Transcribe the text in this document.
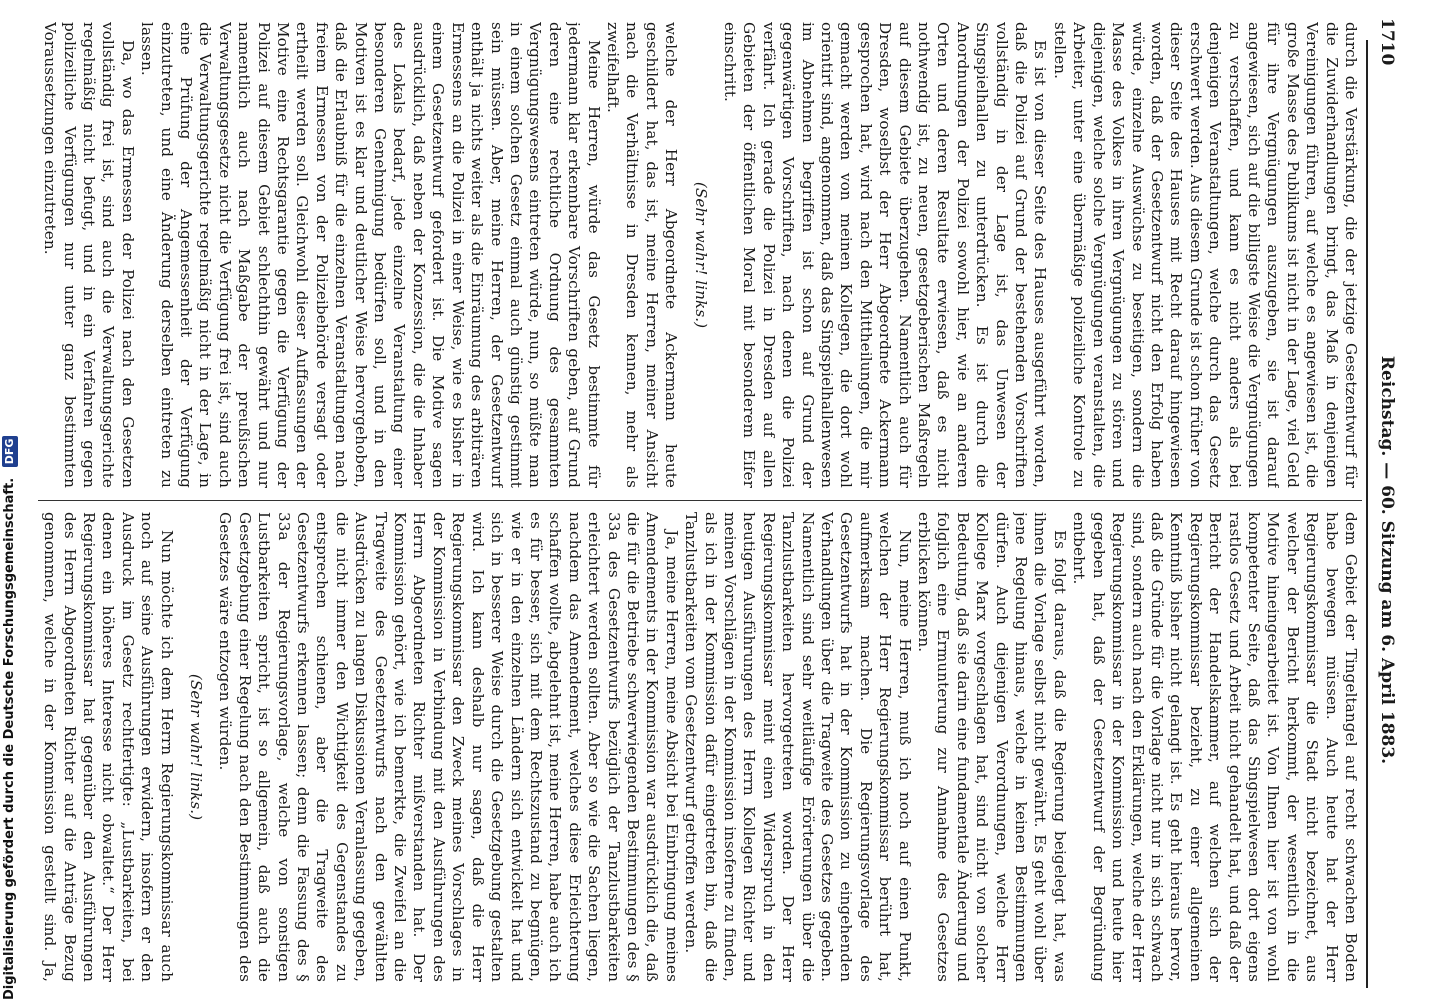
1710
Reichstag. — 60. Sitzung am 6. April 1883.

durch die Verstärkung, die der jetzige Gesetzentwurf für die Zuwiderhandlungen bringt, das Maß in denjenigen Vereinigungen führen, auf welche es angewiesen ist, die große Masse des Publikums ist nicht in der Lage, viel Geld für ihre Vergnügungen auszugeben, sie ist darauf angewiesen, sich auf die billigste Weise die Vergnügungen zu verschaffen, und kann es nicht anders als bei denjenigen Veranstaltungen, welche durch das Gesetz erschwert werden. Aus diesem Grunde ist schon früher von dieser Seite des Hauses mit Recht darauf hingewiesen worden, daß der Gesetzentwurf nicht den Erfolg haben würde, einzelne Auswüchse zu beseitigen, sondern die Masse des Volkes in ihren Vergnügungen zu stören und diejenigen, welche solche Vergnügungen veranstalten, die Arbeiter, unter eine übermäßige polizeiliche Kontrole zu stellen.

Es ist von dieser Seite des Hauses ausgeführt worden, daß die Polizei auf Grund der bestehenden Vorschriften vollständig in der Lage ist, das Unwesen der Singspielhallen zu unterdrücken. Es ist durch die Anordnungen der Polizei sowohl hier, wie an anderen Orten und deren Resultate erwiesen, daß es nicht nothwendig ist, zu neuen, gesetzgeberischen Maßregeln auf diesem Gebiete überzugehen. Namentlich auch für Dresden, woselbst der Herr Abgeordnete Ackermann gesprochen hat, wird nach den Mittheilungen, die mir gemacht werden von meinen Kollegen, die dort wohl orientirt sind, angenommen, daß das Singspielhallenwesen im Abnehmen begriffen ist schon auf Grund der gegenwärtigen Vorschriften, nach denen die Polizei verfährt. Ich gerade die Polizei in Dresden auf allen Gebieten der öffentlichen Moral mit besonderem Eifer einschritt.

(Sehr wahr! links.)

welche der Herr Abgeordnete Ackermann heute geschildert hat, das ist, meine Herren, meiner Ansicht nach die Verhältnisse in Dresden kennen, mehr als zweifelhaft.

Meine Herren, würde das Gesetz bestimmte für jedermann klar erkennbare Vorschriften geben, auf Grund deren eine rechtliche Ordnung des gesammten Vergnügungswesens eintreten würde, nun, so müßte man in einem solchen Gesetz einmal auch günstig gestimmt sein müssen. Aber, meine Herren, der Gesetzentwurf enthält ja nichts weiter als die Einräumung des arbiträren Ermessens an die Polizei in einer Weise, wie es bisher in einem Gesetzentwurf gefordert ist. Die Motive sagen ausdrücklich, daß neben der Konzession, die die Inhaber des Lokals bedarf, jede einzelne Veranstaltung einer besonderen Genehmigung bedürfen soll, und in den Motiven ist es klar und deutlicher Weise hervorgehoben, daß die Erlaubniß für die einzelnen Veranstaltungen nach freiem Ermessen von der Polizeibehörde versagt oder ertheilt werden soll. Gleichwohl dieser Auffassungen der Motive eine Rechtsgarantie gegen die Verfügung der Polizei auf diesem Gebiet schlechthin gewährt und nur namentlich auch nach Maßgabe der preußischen Verwaltungsgesetze nicht die Verfügung frei ist, sind auch die Verwaltungsgerichte regelmäßig nicht in der Lage, in eine Prüfung der Angemessenheit der Verfügung einzutreten, und eine Änderung derselben eintreten zu lassen.

Da, wo das Ermessen der Polizei nach den Gesetzen vollständig frei ist, sind auch die Verwaltungsgerichte regelmäßig nicht befugt, und in ein Verfahren gegen polizeiliche Verfügungen nur unter ganz bestimmten Voraussetzungen einzutreten.

dem Gebiet der Tingeltangel auf recht schwachen Boden habe bewegen müssen. Auch heute hat der Herr Regierungskommissar die Stadt nicht bezeichnet, aus welcher der Bericht herkommt, der wesentlich in die Motive hineingearbeitet ist. Von Ihnen hier ist von wohl kompetenter Seite, daß das Singspielwesen dort eigens rastlos Gesetz und Arbeit nicht gehandelt hat, und daß der Bericht der Handelskammer, auf welchen sich der Regierungskommissar bezieht, zu einer allgemeinen Kenntniß bisher nicht gelangt ist. Es geht hieraus hervor, daß die Gründe für die Vorlage nicht nur in sich schwach sind, sondern auch nach den Erklärungen, welche der Herr Regierungskommissar in der Kommission und heute hier gegeben hat, daß der Gesetzentwurf der Begründung entbehrt.

Es folgt daraus, daß die Regierung beigelegt hat, was ihnen die Vorlage selbst nicht gewährt. Es geht wohl über jene Regelung hinaus, welche in keinen Bestimmungen dürfen. Auch diejenigen Verordnungen, welche Herr Kollege Marx vorgeschlagen hat, sind nicht von solcher Bedeutung, daß sie darin eine fundamentale Änderung und folglich eine Ermunterung zur Annahme des Gesetzes erblicken können.

Nun, meine Herren, muß ich noch auf einen Punkt, welchen der Herr Regierungskommissar berührt hat, aufmerksam machen. Die Regierungsvorlage des Gesetzentwurfs hat in der Kommission zu eingehenden Verhandlungen über die Tragweite des Gesetzes gegeben. Namentlich sind sehr weitläufige Erörterungen über die Tanzlustbarkeiten hervorgetreten worden. Der Herr Regierungskommissar meint einen Widerspruch in den heutigen Ausführungen des Herrn Kollegen Richter und meinen Vorschlägen in der Kommission insoferne zu finden, als ich in der Kommission dafür eingetreten bin, daß die Tanzlustbarkeiten vom Gesetzentwurf getroffen werden.

Ja, meine Herren, meine Absicht bei Einbringung meines Amendements in der Kommission war ausdrücklich die, daß die für die Betriebe schwerwiegenden Bestimmungen des § 33a des Gesetzentwurfs bezüglich der Tanzlustbarkeiten erleichtert werden sollten. Aber so wie die Sachen liegen, nachdem das Amendement, welches diese Erleichterung schaffen wollte, abgelehnt ist, meine Herren, habe auch ich es für besser, sich mit dem Rechtszustand zu begnügen, wie er in den einzelnen Ländern sich entwickelt hat und sich in besserer Weise durch die Gesetzgebung gestalten wird. Ich kann deshalb nur sagen, daß die Herr Regierungskommissar den Zweck meines Vorschlages in der Kommission in Verbindung mit den Ausführungen des Herrn Abgeordneten Richter mißverstanden hat. Der Kommission gehört, wie ich bemerkte, die Zweifel an die Tragweite des Gesetzentwurfs nach den gewählten Ausdrücken zu langen Diskussionen Veranlassung gegeben, die nicht immer den Wichtigkeit des Gegenstandes zu entsprechen schienen, aber die Tragweite des Gesetzentwurfs erkennen lassen; denn die Fassung des § 33a der Regierungsvorlage, welche von sonstigen Lustbarkeiten spricht, ist so allgemein, daß auch die Gesetzgebung einer Regelung nach den Bestimmungen des Gesetzes wäre entzogen würden.

(Sehr wahr! links.)

Nun möchte ich dem Herrn Regierungskommissar auch noch auf seine Ausführungen erwidern, insofern er den Ausdruck im Gesetz rechtfertigte: „Lustbarkeiten, bei denen ein höheres Interesse nicht obwaltet.“ Der Herr Regierungskommissar hat gegenüber den Ausführungen des Herrn Abgeordneten Richter auf die Anträge Bezug genommen, welche in der Kommission gestellt sind. Ja,

Digitalisierung gefördert durch die Deutsche Forschungsgemeinschaft. DFG
